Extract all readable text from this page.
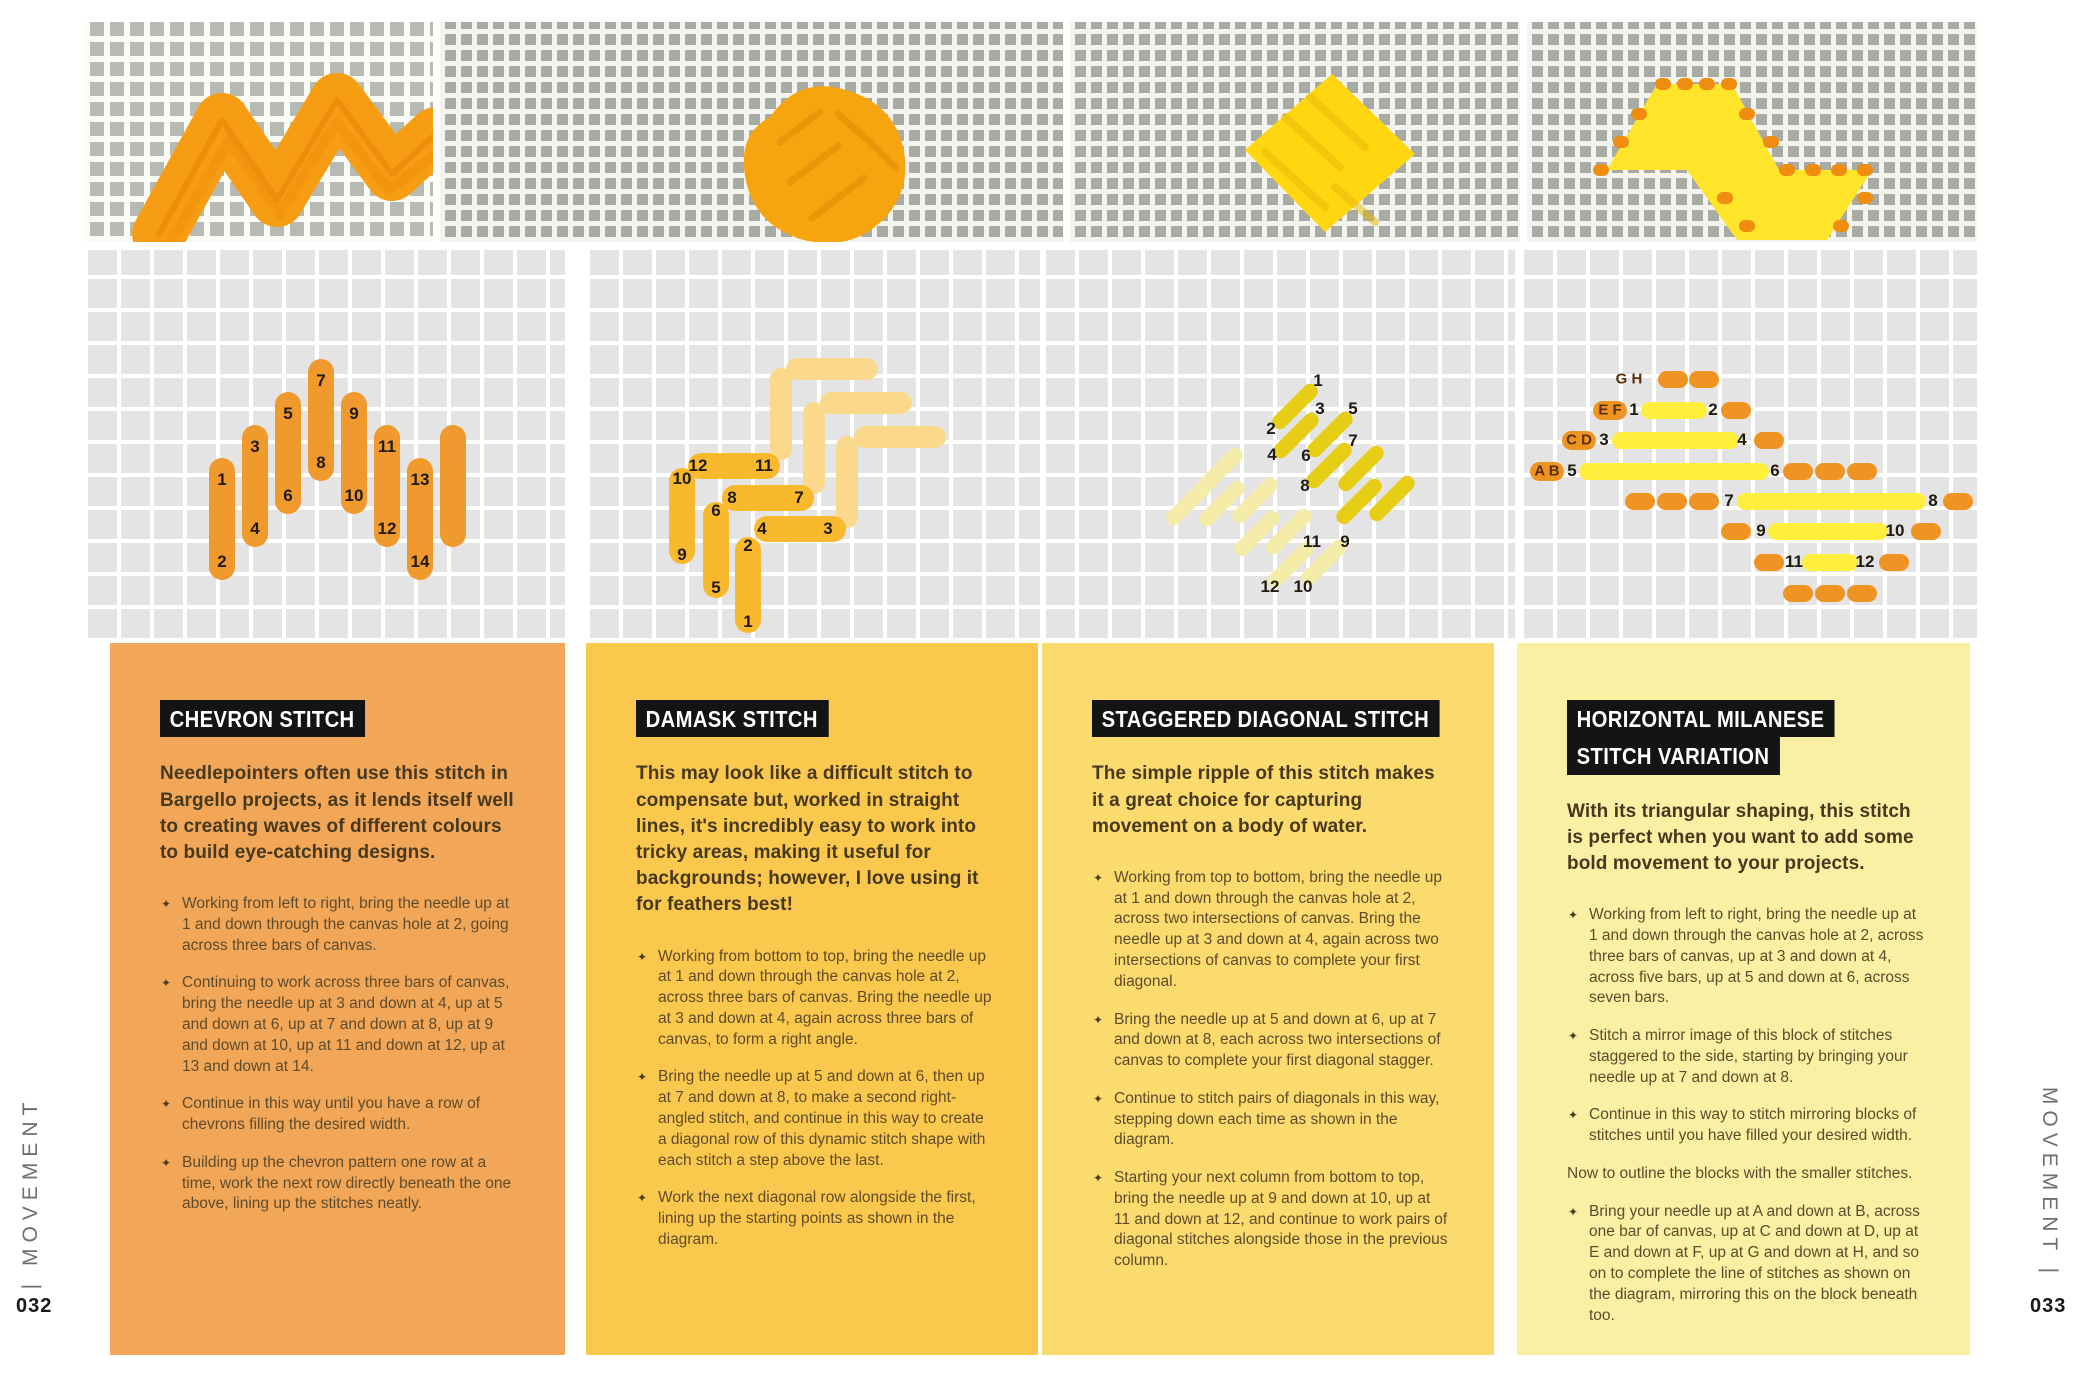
1
2
3
4
5
6
7
8
9
10
11
12
13
14
2
1
4	3
6
5
8	7
10
9
12	11
1
2
3
4
5
6
7
8
11 9
12 10
G H
E F
C D
A B
1	2
3	4
5	6
7	8
9	10
11	12
CHEVRON STITCH

Needlepointers often use this stitch in Bargello projects, as it lends itself well to creating waves of different colours to build eye-catching designs.

✦ Working from left to right, bring the needle up at 1 and down through the canvas hole at 2, going across three bars of canvas.
✦ Continuing to work across three bars of canvas, bring the needle up at 3 and down at 4, up at 5 and down at 6, up at 7 and down at 8, up at 9 and down at 10, up at 11 and down at 12, up at 13 and down at 14.
✦ Continue in this way until you have a row of chevrons filling the desired width.
✦ Building up the chevron pattern one row at a time, work the next row directly beneath the one above, lining up the stitches neatly.
DAMASK STITCH

This may look like a difficult stitch to compensate but, worked in straight lines, it's incredibly easy to work into tricky areas, making it useful for backgrounds; however, I love using it for feathers best!

✦ Working from bottom to top, bring the needle up at 1 and down through the canvas hole at 2, across three bars of canvas. Bring the needle up at 3 and down at 4, again across three bars of canvas, to form a right angle.
✦ Bring the needle up at 5 and down at 6, then up at 7 and down at 8, to make a second right-angled stitch, and continue in this way to create a diagonal row of this dynamic stitch shape with each stitch a step above the last.
✦ Work the next diagonal row alongside the first, lining up the starting points as shown in the diagram.
STAGGERED DIAGONAL STITCH

The simple ripple of this stitch makes it a great choice for capturing movement on a body of water.

✦ Working from top to bottom, bring the needle up at 1 and down through the canvas hole at 2, across two intersections of canvas. Bring the needle up at 3 and down at 4, again across two intersections of canvas to complete your first diagonal.
✦ Bring the needle up at 5 and down at 6, up at 7 and down at 8, each across two intersections of canvas to complete your first diagonal stagger.
✦ Continue to stitch pairs of diagonals in this way, stepping down each time as shown in the diagram.
✦ Starting your next column from bottom to top, bring the needle up at 9 and down at 10, up at 11 and down at 12, and continue to work pairs of diagonal stitches alongside those in the previous column.
HORIZONTAL MILANESE
STITCH VARIATION

With its triangular shaping, this stitch is perfect when you want to add some bold movement to your projects.

✦ Working from left to right, bring the needle up at 1 and down through the canvas hole at 2, across three bars of canvas, up at 3 and down at 4, across five bars, up at 5 and down at 6, across seven bars.
✦ Stitch a mirror image of this block of stitches staggered to the side, starting by bringing your needle up at 7 and down at 8.
✦ Continue in this way to stitch mirroring blocks of stitches until you have filled your desired width.
Now to outline the blocks with the smaller stitches.
✦ Bring your needle up at A and down at B, across one bar of canvas, up at C and down at D, up at E and down at F, up at G and down at H, and so on to complete the line of stitches as shown on the diagram, mirroring this on the block beneath too.
| MOVEMENT	MOVEMENT |
032	033
